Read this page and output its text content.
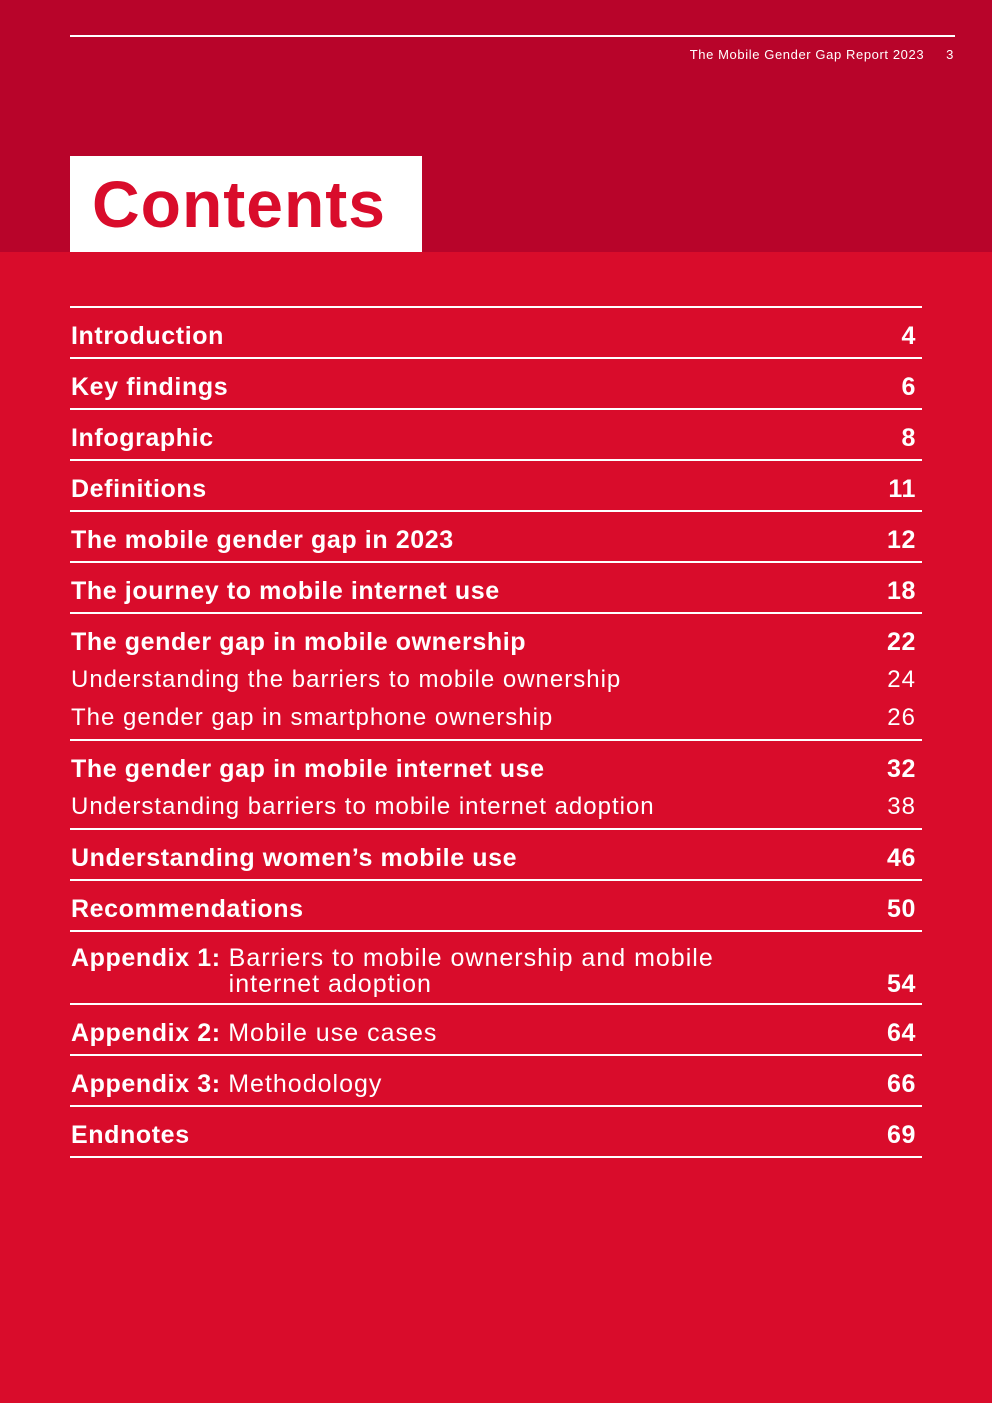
The Mobile Gender Gap Report 2023 3
Contents
Introduction	4
Key findings	6
Infographic	8
Definitions	11
The mobile gender gap in 2023	12
The journey to mobile internet use	18
The gender gap in mobile ownership	22
Understanding the barriers to mobile ownership	24
The gender gap in smartphone ownership	26
The gender gap in mobile internet use	32
Understanding barriers to mobile internet adoption	38
Understanding women’s mobile use	46
Recommendations	50
Appendix 1: Barriers to mobile ownership and mobile internet adoption	54
Appendix 2: Mobile use cases	64
Appendix 3: Methodology	66
Endnotes	69
